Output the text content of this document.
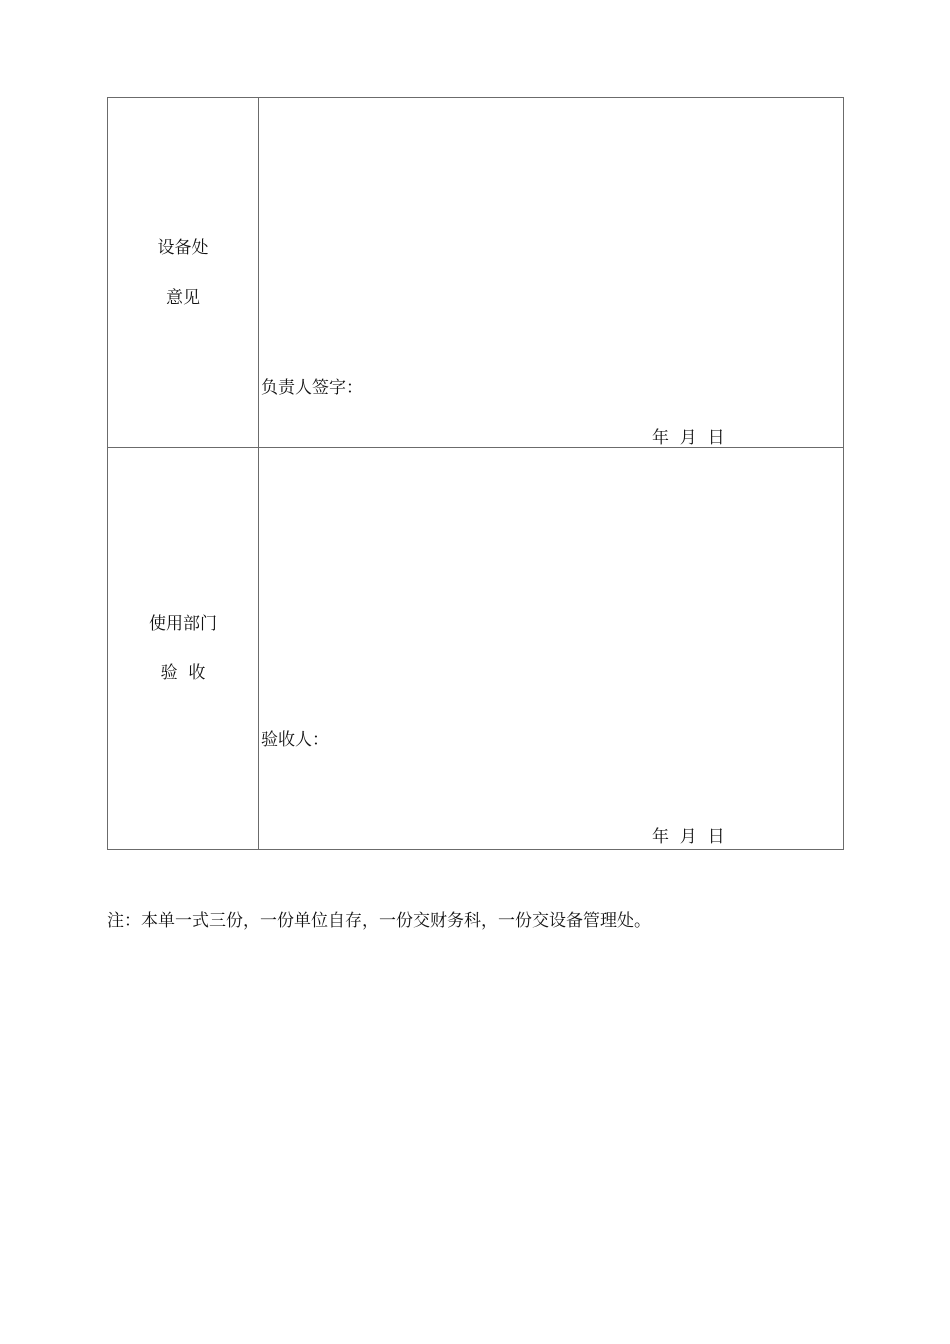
设备处
意见
负责人签字：
年  月  日
使用部门
验  收
验收人：
年  月  日
注：本单一式三份，一份单位自存，一份交财务科，一份交设备管理处。
